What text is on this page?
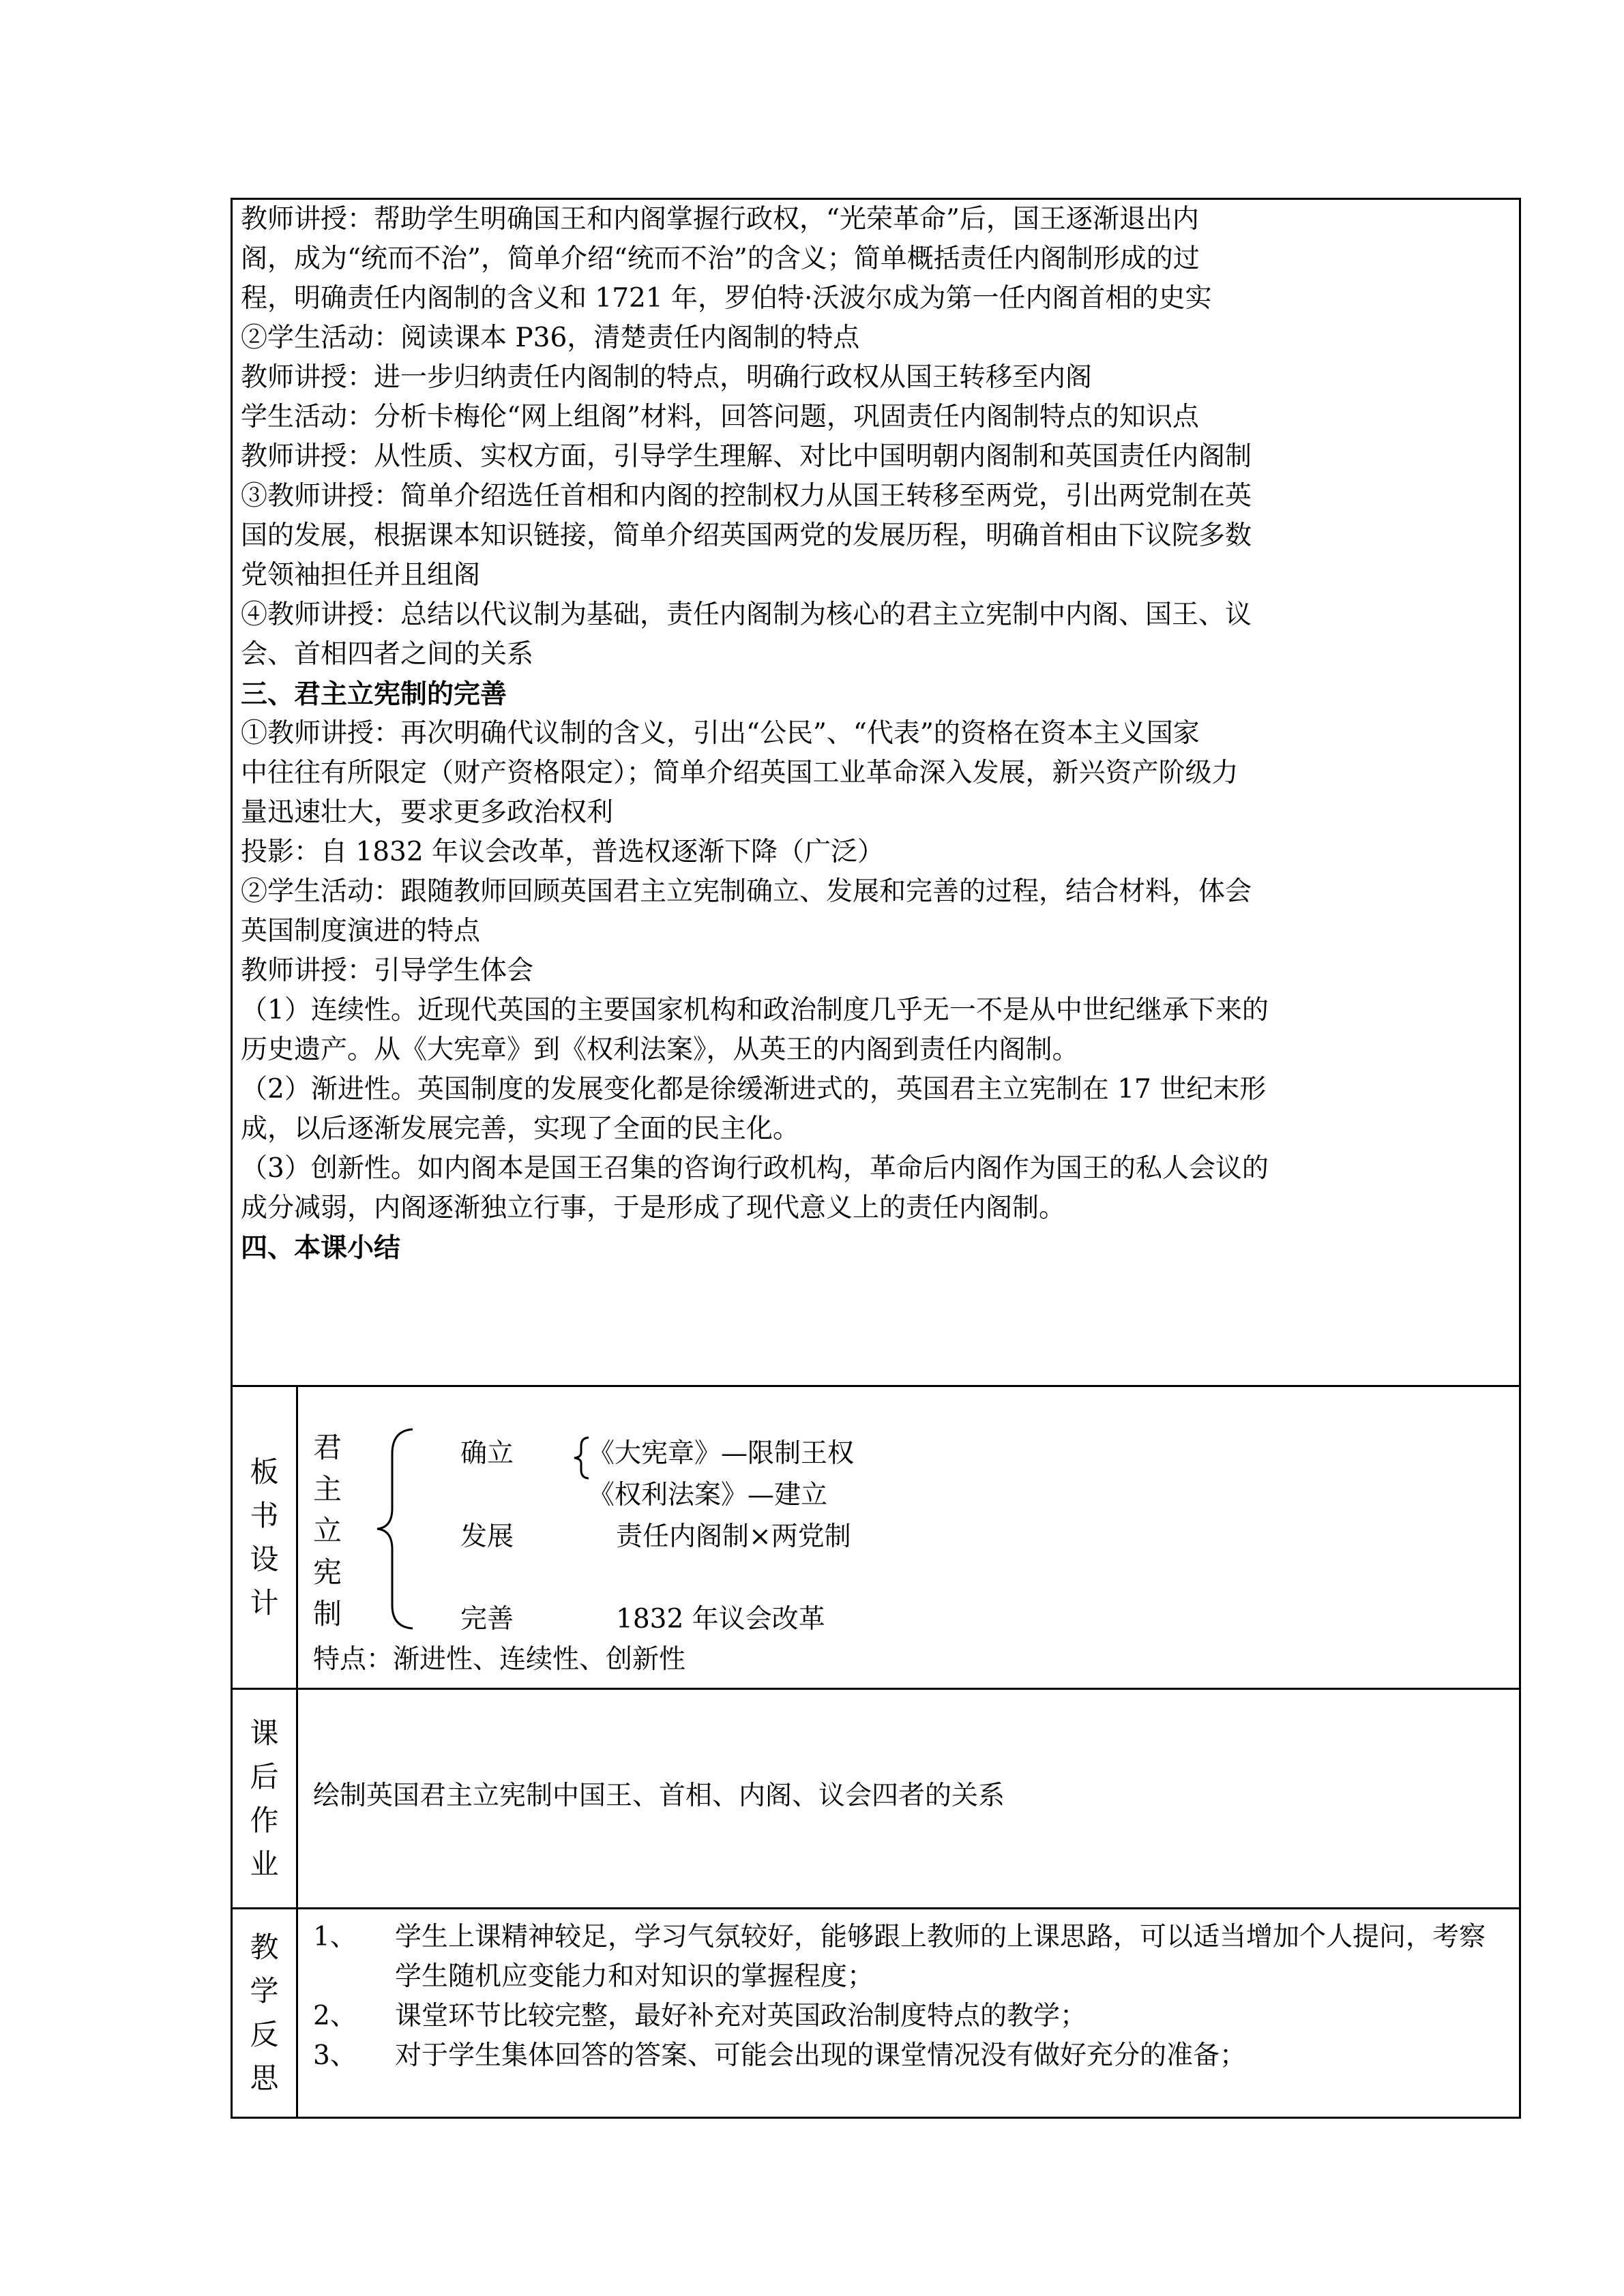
教师讲授：帮助学生明确国王和内阁掌握行政权，“光荣革命”后，国王逐渐退出内

阁，成为“统而不治”，简单介绍“统而不治”的含义；简单概括责任内阁制形成的过

程，明确责任内阁制的含义和 1721 年，罗伯特·沃波尔成为第一任内阁首相的史实

②学生活动：阅读课本 P36，清楚责任内阁制的特点

教师讲授：进一步归纳责任内阁制的特点，明确行政权从国王转移至内阁

学生活动：分析卡梅伦“网上组阁”材料，回答问题，巩固责任内阁制特点的知识点

教师讲授：从性质、实权方面，引导学生理解、对比中国明朝内阁制和英国责任内阁制

③教师讲授：简单介绍选任首相和内阁的控制权力从国王转移至两党，引出两党制在英

国的发展，根据课本知识链接，简单介绍英国两党的发展历程，明确首相由下议院多数

党领袖担任并且组阁

④教师讲授：总结以代议制为基础，责任内阁制为核心的君主立宪制中内阁、国王、议

会、首相四者之间的关系

三、君主立宪制的完善

①教师讲授：再次明确代议制的含义，引出“公民”、“代表”的资格在资本主义国家

中往往有所限定（财产资格限定）；简单介绍英国工业革命深入发展，新兴资产阶级力

量迅速壮大，要求更多政治权利

投影：自 1832 年议会改革，普选权逐渐下降（广泛）

②学生活动：跟随教师回顾英国君主立宪制确立、发展和完善的过程，结合材料，体会

英国制度演进的特点

教师讲授：引导学生体会

（1）连续性。近现代英国的主要国家机构和政治制度几乎无一不是从中世纪继承下来的

历史遗产。从《大宪章》到《权利法案》，从英王的内阁到责任内阁制。

（2）渐进性。英国制度的发展变化都是徐缓渐进式的，英国君主立宪制在 17 世纪末形

成，以后逐渐发展完善，实现了全面的民主化。

（3）创新性。如内阁本是国王召集的咨询行政机构，革命后内阁作为国王的私人会议的

成分减弱，内阁逐渐独立行事，于是形成了现代意义上的责任内阁制。

四、本课小结

板
书
设
计
君
主
立
宪
制
确立	《大宪章》—限制王权
《权利法案》—建立
发展	责任内阁制×两党制
完善	1832 年议会改革
特点：渐进性、连续性、创新性
课
后
作
业
绘制英国君主立宪制中国王、首相、内阁、议会四者的关系
教
学
反
思
1、 学生上课精神较足，学习气氛较好，能够跟上教师的上课思路，可以适当增加个人提问，考察学生随机应变能力和对知识的掌握程度；
2、 课堂环节比较完整，最好补充对英国政治制度特点的教学；
3、 对于学生集体回答的答案、可能会出现的课堂情况没有做好充分的准备；
